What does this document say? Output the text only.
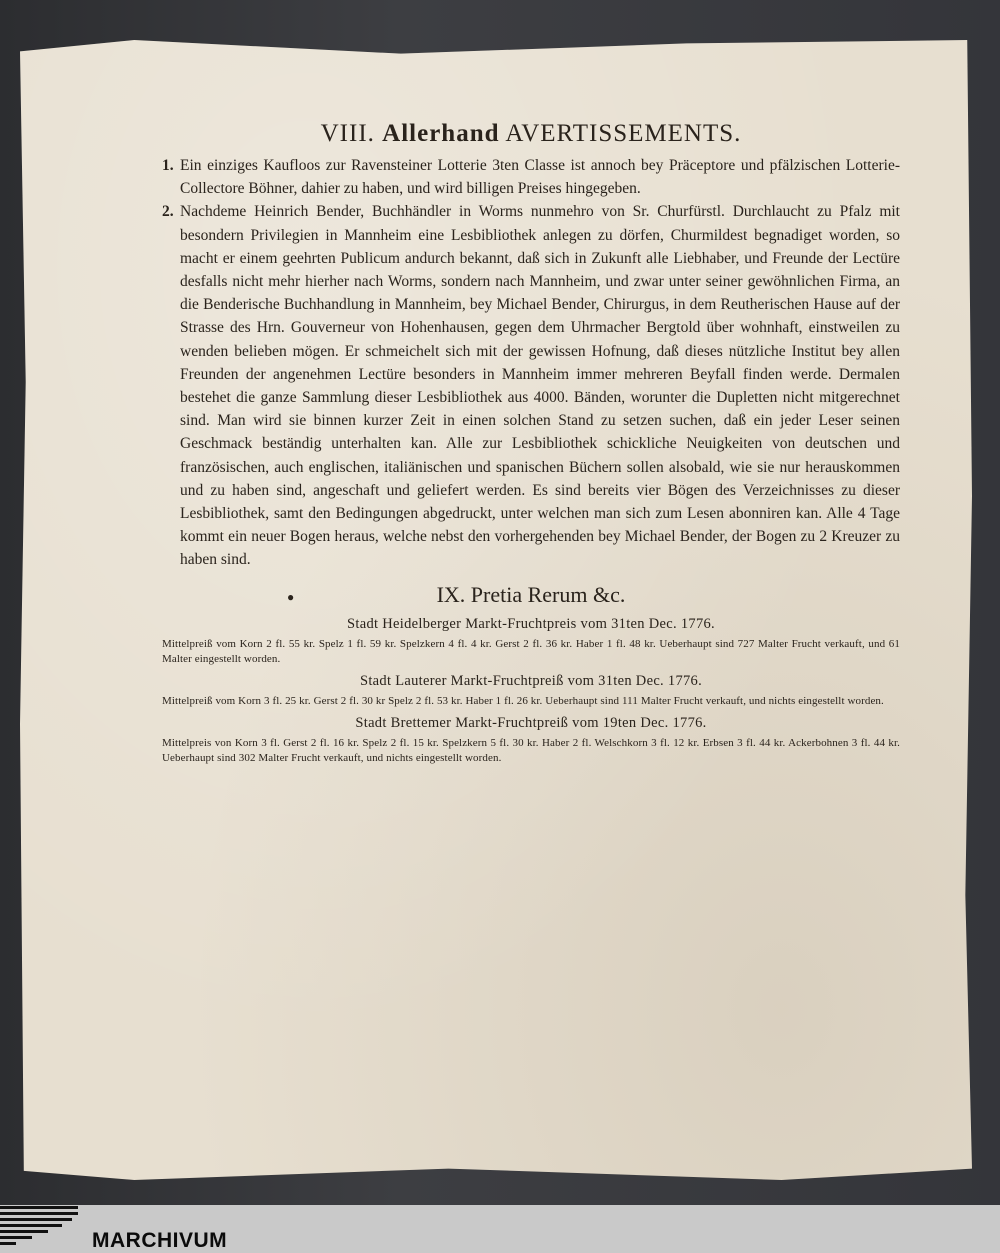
VIII. Allerhand AVERTISSEMENTS.

1. Ein einziges Kaufloos zur Ravensteiner Lotterie 3ten Classe ist annoch bey Präceptore und pfälzischen Lotterie-Collectore Böhner, dahier zu haben, und wird billigen Preises hingegeben.

2. Nachdeme Heinrich Bender, Buchhändler in Worms nunmehro von Sr. Churfürstl. Durchlaucht zu Pfalz mit besondern Privilegien in Mannheim eine Lesbibliothek anlegen zu dörfen, Churmildest begnadiget worden, so macht er einem geehrten Publicum andurch bekannt, daß sich in Zukunft alle Liebhaber, und Freunde der Lectüre desfalls nicht mehr hierher nach Worms, sondern nach Mannheim, und zwar unter seiner gewöhnlichen Firma, an die Benderische Buchhandlung in Mannheim, bey Michael Bender, Chirurgus, in dem Reutherischen Hause auf der Strasse des Hrn. Gouverneur von Hohenhausen, gegen dem Uhrmacher Bergtold über wohnhaft, einstweilen zu wenden belieben mögen. Er schmeichelt sich mit der gewissen Hofnung, daß dieses nützliche Institut bey allen Freunden der angenehmen Lectüre besonders in Mannheim immer mehreren Beyfall finden werde. Dermalen bestehet die ganze Sammlung dieser Lesbibliothek aus 4000. Bänden, worunter die Dupletten nicht mitgerechnet sind. Man wird sie binnen kurzer Zeit in einen solchen Stand zu setzen suchen, daß ein jeder Leser seinen Geschmack beständig unterhalten kan. Alle zur Lesbibliothek schickliche Neuigkeiten von deutschen und französischen, auch englischen, italiänischen und spanischen Büchern sollen alsobald, wie sie nur herauskommen und zu haben sind, angeschaft und geliefert werden. Es sind bereits vier Bögen des Verzeichnisses zu dieser Lesbibliothek, samt den Bedingungen abgedruckt, unter welchen man sich zum Lesen abonniren kan. Alle 4 Tage kommt ein neuer Bogen heraus, welche nebst den vorhergehenden bey Michael Bender, der Bogen zu 2 Kreuzer zu haben sind.

●	IX. Pretia Rerum &c.
Stadt Heidelberger Markt-Fruchtpreis vom 31ten Dec. 1776.

Mittelpreiß vom Korn 2 fl. 55 kr. Spelz 1 fl. 59 kr. Spelzkern 4 fl. 4 kr. Gerst 2 fl. 36 kr. Haber 1 fl. 48 kr. Ueberhaupt sind 727 Malter Frucht verkauft, und 61 Malter eingestellt worden.

Stadt Lauterer Markt-Fruchtpreiß vom 31ten Dec. 1776.

Mittelpreiß vom Korn 3 fl. 25 kr. Gerst 2 fl. 30 kr Spelz 2 fl. 53 kr. Haber 1 fl. 26 kr. Ueberhaupt sind 111 Malter Frucht verkauft, und nichts eingestellt worden.

Stadt Brettemer Markt-Fruchtpreiß vom 19ten Dec. 1776.

Mittelpreis von Korn 3 fl. Gerst 2 fl. 16 kr. Spelz 2 fl. 15 kr. Spelzkern 5 fl. 30 kr. Haber 2 fl. Welschkorn 3 fl. 12 kr. Erbsen 3 fl. 44 kr. Ackerbohnen 3 fl. 44 kr. Ueberhaupt sind 302 Malter Frucht verkauft, und nichts eingestellt worden.

MARCHIVUM
